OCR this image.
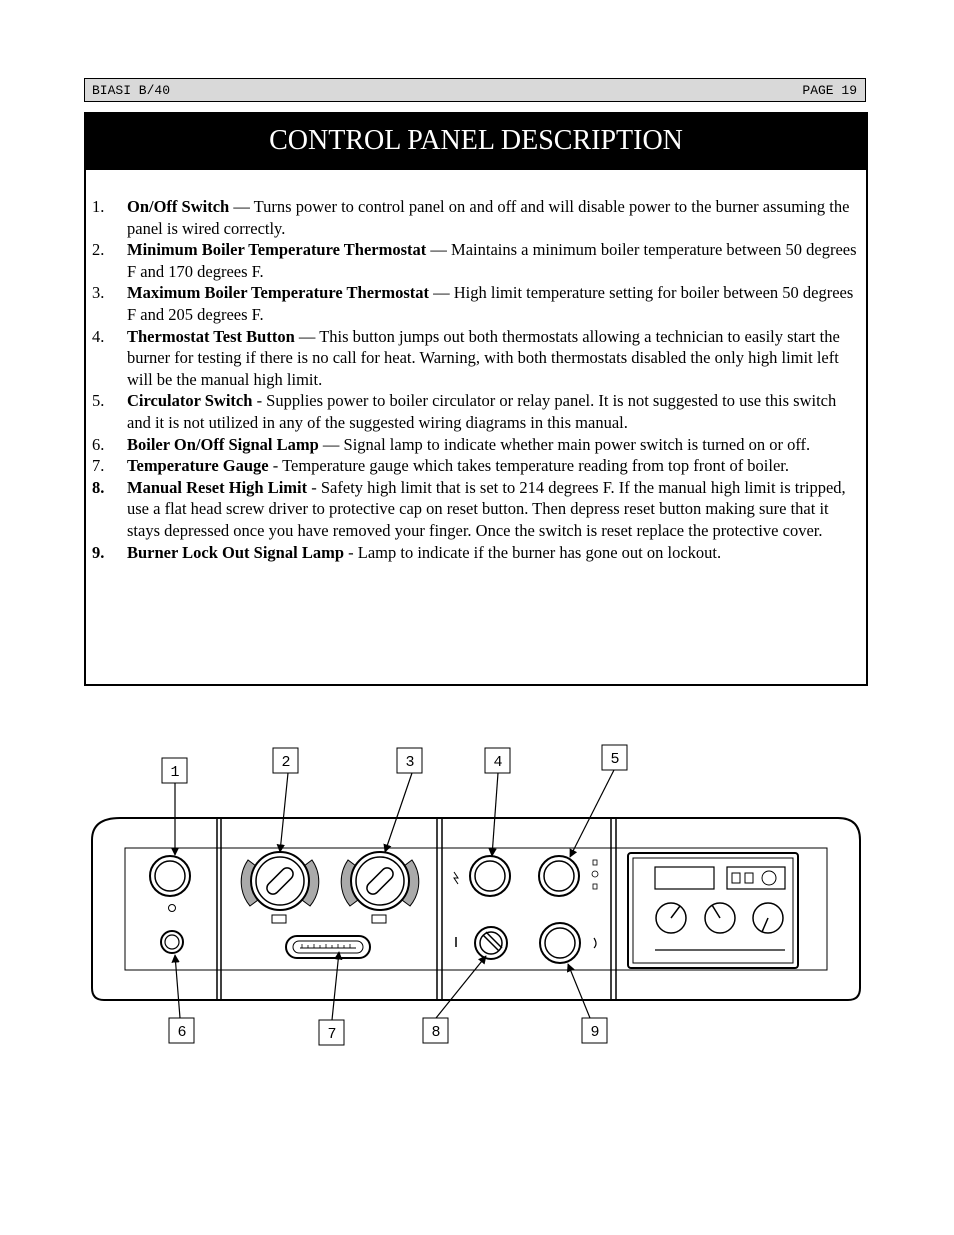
BIASI B/40	PAGE 19
CONTROL PANEL DESCRIPTION
1. On/Off Switch — Turns power to control panel on and off and will disable power to the burner assuming the panel is wired correctly.
2. Minimum Boiler Temperature Thermostat — Maintains a minimum boiler temperature between 50 degrees F and 170 degrees F.
3. Maximum Boiler Temperature Thermostat — High limit temperature setting for boiler between 50 degrees F and 205 degrees F.
4. Thermostat Test Button — This button jumps out both thermostats allowing a technician to easily start the burner for testing if there is no call for heat. Warning, with both thermostats disabled the only high limit left will be the manual high limit.
5. Circulator Switch - Supplies power to boiler circulator or relay panel. It is not suggested to use this switch and it is not utilized in any of the suggested wiring diagrams in this manual.
6. Boiler On/Off Signal Lamp — Signal lamp to indicate whether main power switch is turned on or off.
7. Temperature Gauge - Temperature gauge which takes temperature reading from top front of boiler.
8. Manual Reset High Limit - Safety high limit that is set to 214 degrees F. If the manual high limit is tripped, use a flat head screw driver to protective cap on reset button. Then depress reset button making sure that it stays depressed once you have removed your finger. Once the switch is reset replace the protective cover.
9. Burner Lock Out Signal Lamp - Lamp to indicate if the burner has gone out on lockout.
1
2	3	4	5
6	7	8	9
